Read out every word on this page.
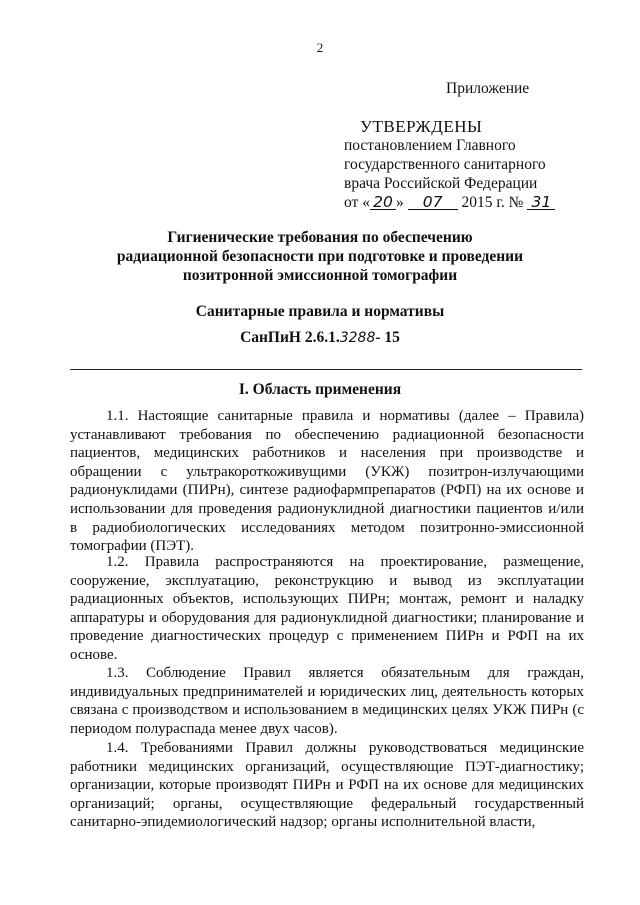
2
Приложение
УТВЕРЖДЕНЫ
постановлением Главного
государственного санитарного
врача Российской Федерации
от « 20 » 07 2015 г. № 31
Гигиенические требования по обеспечению
радиационной безопасности при подготовке и проведении
позитронной эмиссионной томографии
Санитарные правила и нормативы
СанПиН 2.6.1.3288- 15
I. Область применения
1.1. Настоящие санитарные правила и нормативы (далее – Правила) устанавливают требования по обеспечению радиационной безопасности пациентов, медицинских работников и населения при производстве и обращении с ультракороткоживущими (УКЖ) позитрон-излучающими радионуклидами (ПИРн), синтезе радиофармпрепаратов (РФП) на их основе и использовании для проведения радионуклидной диагностики пациентов и/или в радиобиологических исследованиях методом позитронно-эмиссионной томографии (ПЭТ).
1.2. Правила распространяются на проектирование, размещение, сооружение, эксплуатацию, реконструкцию и вывод из эксплуатации радиационных объектов, использующих ПИРн; монтаж, ремонт и наладку аппаратуры и оборудования для радионуклидной диагностики; планирование и проведение диагностических процедур с применением ПИРн и РФП на их основе.
1.3. Соблюдение Правил является обязательным для граждан, индивидуальных предпринимателей и юридических лиц, деятельность которых связана с производством и использованием в медицинских целях УКЖ ПИРн (с периодом полураспада менее двух часов).
1.4. Требованиями Правил должны руководствоваться медицинские работники медицинских организаций, осуществляющие ПЭТ-диагностику; организации, которые производят ПИРн и РФП на их основе для медицинских организаций; органы, осуществляющие федеральный государственный санитарно-эпидемиологический надзор; органы исполнительной власти,
